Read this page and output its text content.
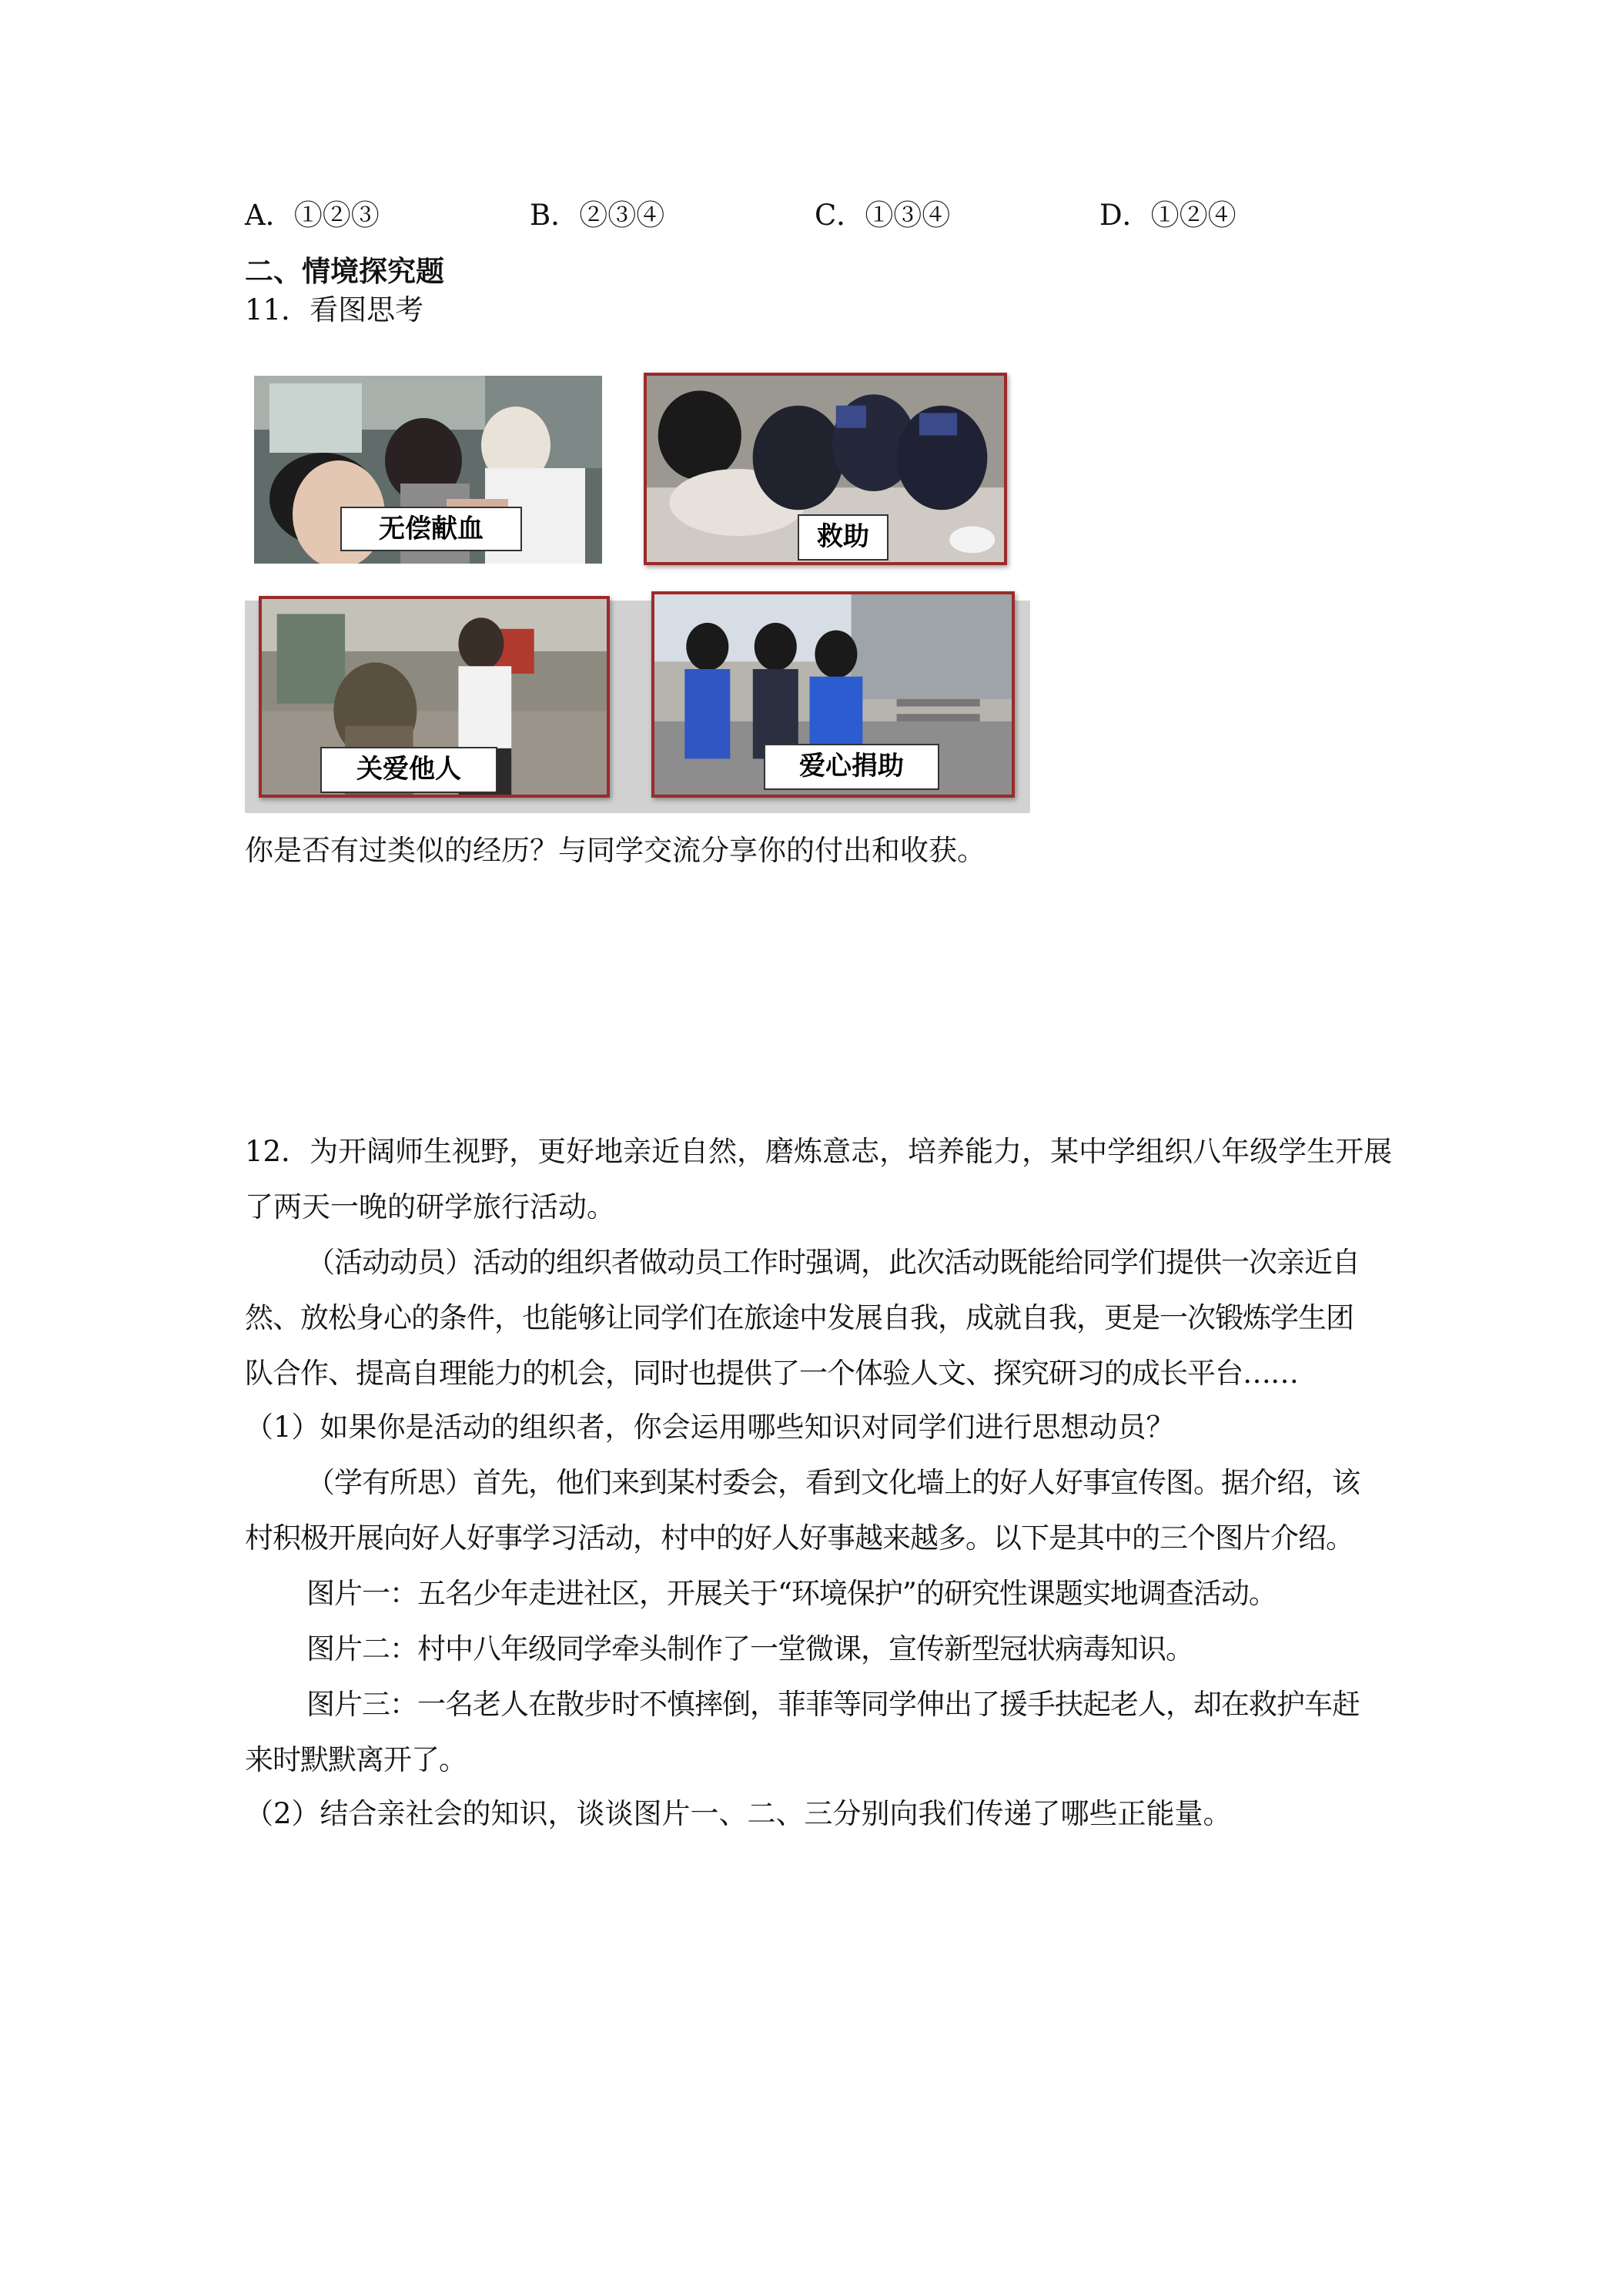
A．①②③	B．②③④	C．①③④	D．①②④
二、情境探究题
11．看图思考
无偿献血	救助
关爱他人	爱心捐助
你是否有过类似的经历？与同学交流分享你的付出和收获。
12．为开阔师生视野，更好地亲近自然，磨炼意志，培养能力，某中学组织八年级学生开展
了两天一晚的研学旅行活动。
（活动动员）活动的组织者做动员工作时强调，此次活动既能给同学们提供一次亲近自
然、放松身心的条件，也能够让同学们在旅途中发展自我，成就自我，更是一次锻炼学生团
队合作、提高自理能力的机会，同时也提供了一个体验人文、探究研习的成长平台……
（1）如果你是活动的组织者，你会运用哪些知识对同学们进行思想动员？
（学有所思）首先，他们来到某村委会，看到文化墙上的好人好事宣传图。据介绍，该
村积极开展向好人好事学习活动，村中的好人好事越来越多。以下是其中的三个图片介绍。
图片一：五名少年走进社区，开展关于“环境保护”的研究性课题实地调查活动。
图片二：村中八年级同学牵头制作了一堂微课，宣传新型冠状病毒知识。
图片三：一名老人在散步时不慎摔倒，菲菲等同学伸出了援手扶起老人，却在救护车赶
来时默默离开了。
（2）结合亲社会的知识，谈谈图片一、二、三分别向我们传递了哪些正能量。
